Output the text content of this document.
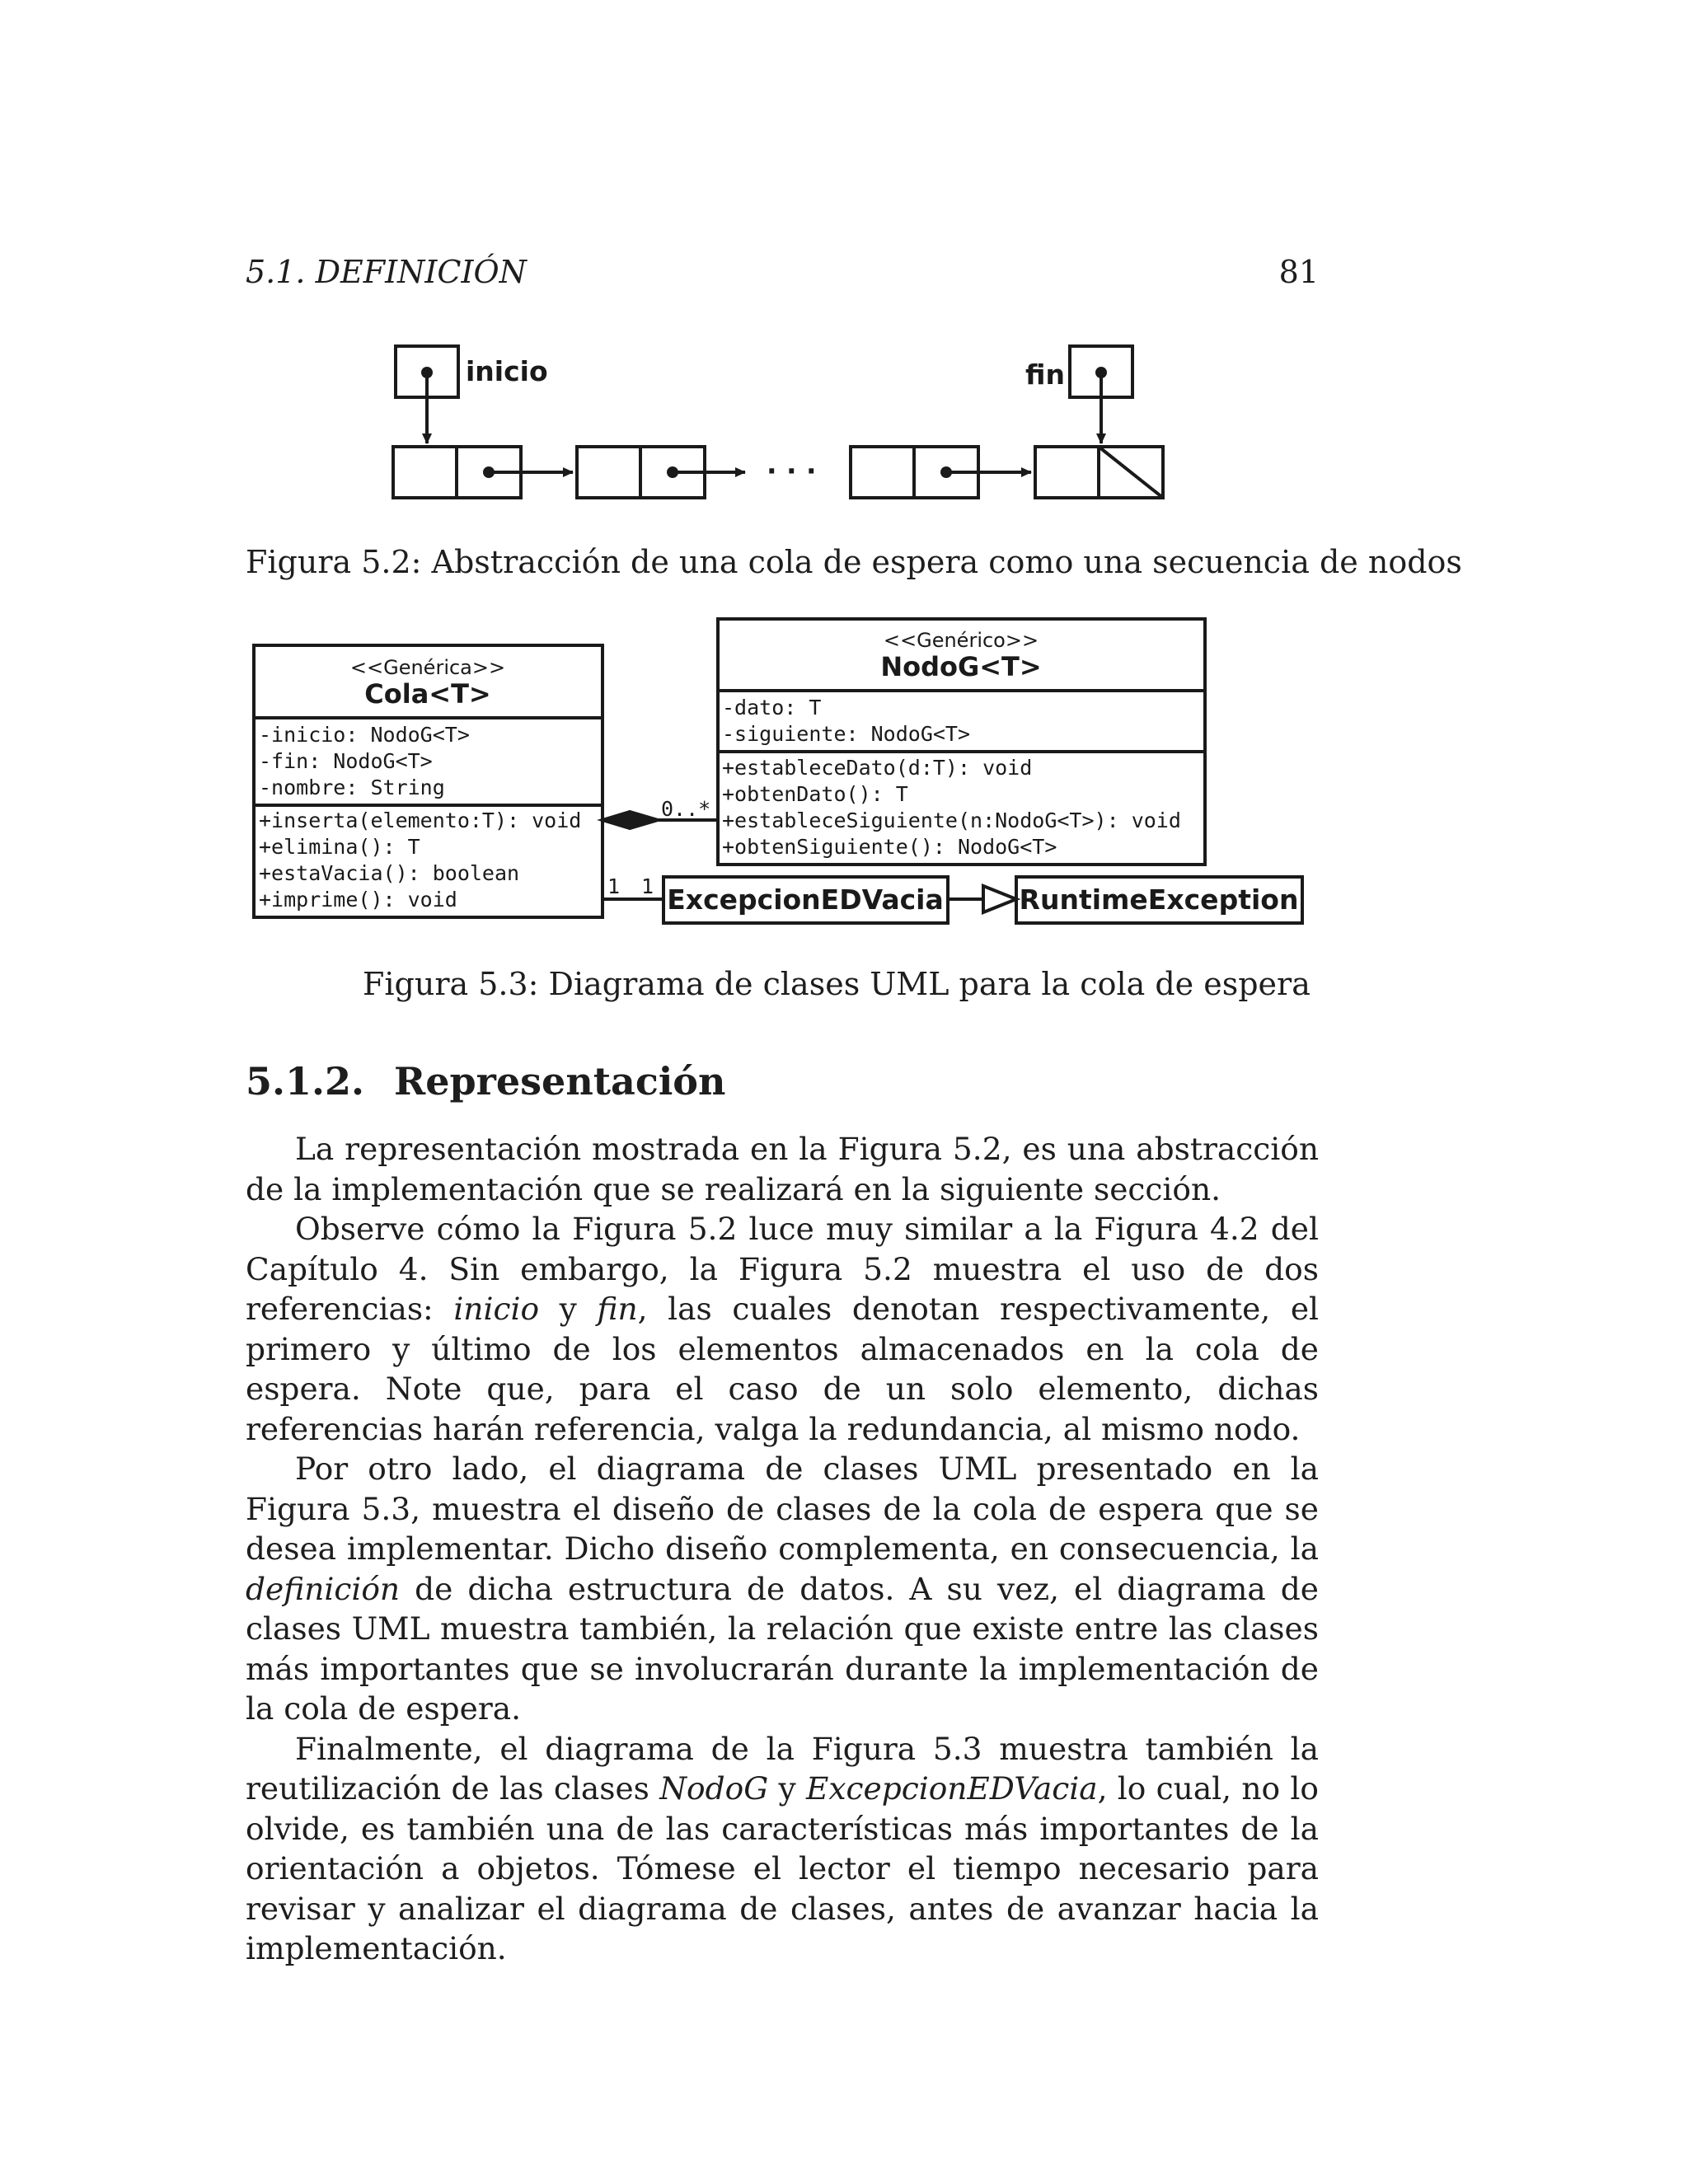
5.1. DEFINICIÓN	81
inicio	fin
· · ·
Figura 5.2: Abstracción de una cola de espera como una secuencia de nodos
<<Genérica>>
Cola<T>
-inicio: NodoG<T>
-fin: NodoG<T>
-nombre: String
+inserta(elemento:T): void
+elimina(): T
+estaVacia(): boolean
+imprime(): void
<<Genérico>>
NodoG<T>
-dato: T
-siguiente: NodoG<T>
+estableceDato(d:T): void
+obtenDato(): T
+estableceSiguiente(n:NodoG<T>): void
+obtenSiguiente(): NodoG<T>
0..*
1 1 ExcepcionEDVacia	RuntimeException
Figura 5.3: Diagrama de clases UML para la cola de espera
5.1.2. Representación

La representación mostrada en la Figura 5.2, es una abstracción de la implementación que se realizará en la siguiente sección.

Observe cómo la Figura 5.2 luce muy similar a la Figura 4.2 del Capítulo 4. Sin embargo, la Figura 5.2 muestra el uso de dos referencias: inicio y fin, las cuales denotan respectivamente, el primero y último de los elementos almacenados en la cola de espera. Note que, para el caso de un solo elemento, dichas referencias harán referencia, valga la redundancia, al mismo nodo.

Por otro lado, el diagrama de clases UML presentado en la Figura 5.3, muestra el diseño de clases de la cola de espera que se desea implementar. Dicho diseño complementa, en consecuencia, la definición de dicha estructura de datos. A su vez, el diagrama de clases UML muestra también, la relación que existe entre las clases más importantes que se involucrarán durante la implementación de la cola de espera.

Finalmente, el diagrama de la Figura 5.3 muestra también la reutilización de las clases NodoG y ExcepcionEDVacia, lo cual, no lo olvide, es también una de las características más importantes de la orientación a objetos. Tómese el lector el tiempo necesario para revisar y analizar el diagrama de clases, antes de avanzar hacia la implementación.
